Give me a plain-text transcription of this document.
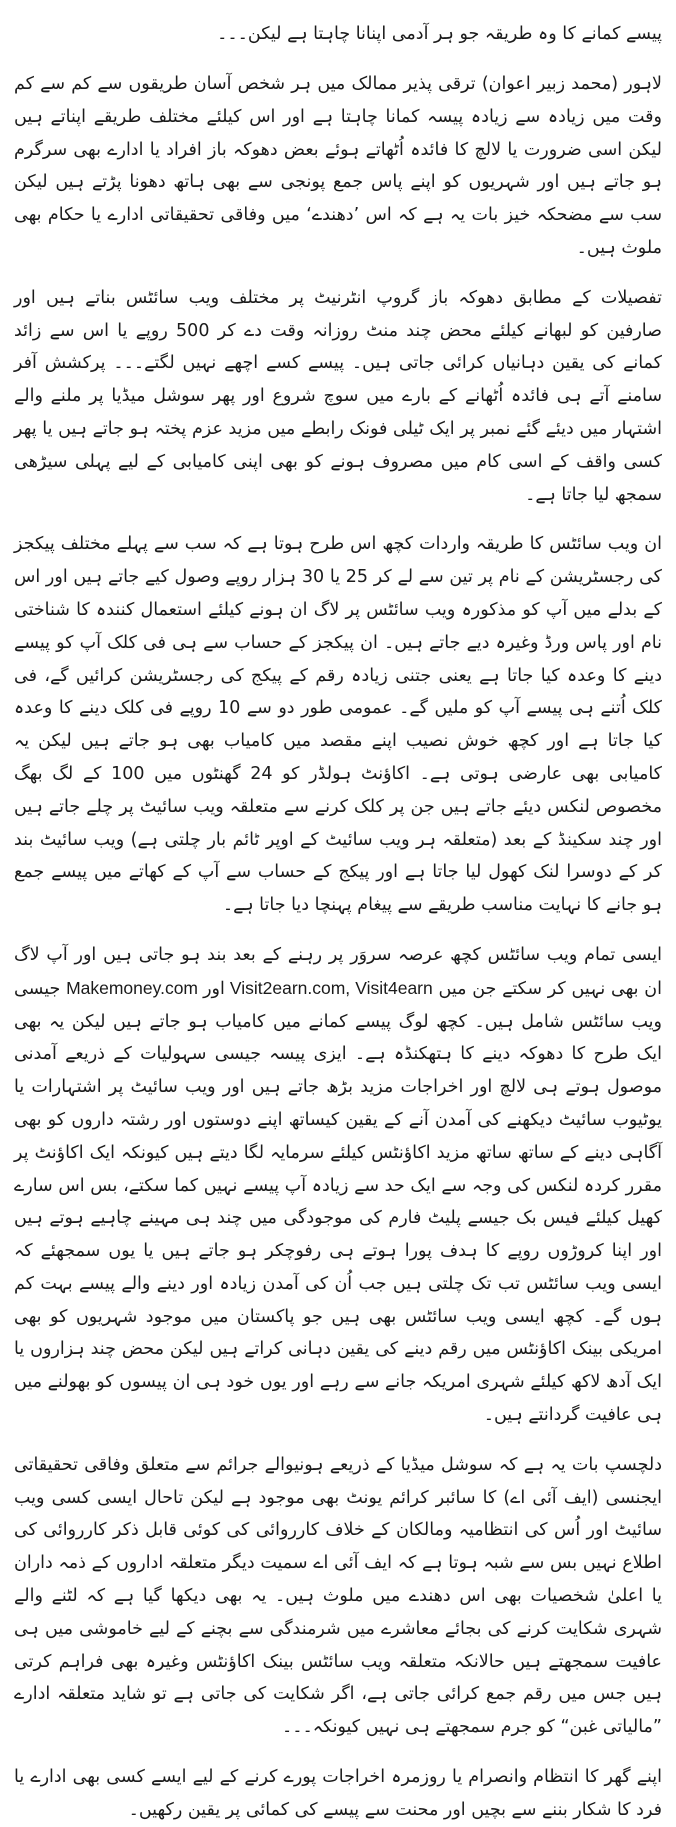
پیسے کمانے کا وہ طریقہ جو ہر آدمی اپنانا چاہتا ہے لیکن۔۔۔

لاہور (محمد زبیر اعوان) ترقی پذیر ممالک میں ہر شخص آسان طریقوں سے کم سے کم وقت میں زیادہ سے زیادہ پیسہ کمانا چاہتا ہے اور اس کیلئے مختلف طریقے اپناتے ہیں لیکن اسی ضرورت یا لالچ کا فائدہ اُٹھاتے ہوئے بعض دھوکہ باز افراد یا ادارے بھی سرگرم ہو جاتے ہیں اور شہریوں کو اپنے پاس جمع پونجی سے بھی ہاتھ دھونا پڑتے ہیں لیکن سب سے مضحکہ خیز بات یہ ہے کہ اس ’دھندے‘ میں وفاقی تحقیقاتی ادارے یا حکام بھی ملوث ہیں۔

تفصیلات کے مطابق دھوکہ باز گروپ انٹرنیٹ پر مختلف ویب سائٹس بناتے ہیں اور صارفین کو لبھانے کیلئے محض چند منٹ روزانہ وقت دے کر 500 روپے یا اس سے زائد کمانے کی یقین دہانیاں کرائی جاتی ہیں۔ پیسے کسے اچھے نہیں لگتے۔۔۔ پرکشش آفر سامنے آتے ہی فائدہ اُٹھانے کے بارے میں سوچ شروع اور پھر سوشل میڈیا پر ملنے والے اشتہار میں دیئے گئے نمبر پر ایک ٹیلی فونک رابطے میں مزید عزم پختہ ہو جاتے ہیں یا پھر کسی واقف کے اسی کام میں مصروف ہونے کو بھی اپنی کامیابی کے لیے پہلی سیڑھی سمجھ لیا جاتا ہے۔

ان ویب سائٹس کا طریقہ واردات کچھ اس طرح ہوتا ہے کہ سب سے پہلے مختلف پیکجز کی رجسٹریشن کے نام پر تین سے لے کر 25 یا 30 ہزار روپے وصول کیے جاتے ہیں اور اس کے بدلے میں آپ کو مذکورہ ویب سائٹس پر لاگ ان ہونے کیلئے استعمال کنندہ کا شناختی نام اور پاس ورڈ وغیرہ دیے جاتے ہیں۔ ان پیکجز کے حساب سے ہی فی کلک آپ کو پیسے دینے کا وعدہ کیا جاتا ہے یعنی جتنی زیادہ رقم کے پیکج کی رجسٹریشن کرائیں گے، فی کلک اُتنے ہی پیسے آپ کو ملیں گے۔ عمومی طور دو سے 10 روپے فی کلک دینے کا وعدہ کیا جاتا ہے اور کچھ خوش نصیب اپنے مقصد میں کامیاب بھی ہو جاتے ہیں لیکن یہ کامیابی بھی عارضی ہوتی ہے۔ اکاؤنٹ ہولڈر کو 24 گھنٹوں میں 100 کے لگ بھگ مخصوص لنکس دیئے جاتے ہیں جن پر کلک کرنے سے متعلقہ ویب سائیٹ پر چلے جاتے ہیں اور چند سکینڈ کے بعد (متعلقہ ہر ویب سائیٹ کے اوپر ٹائم بار چلتی ہے) ویب سائیٹ بند کر کے دوسرا لنک کھول لیا جاتا ہے اور پیکج کے حساب سے آپ کے کھاتے میں پیسے جمع ہو جانے کا نہایت مناسب طریقے سے پیغام پہنچا دیا جاتا ہے۔

ایسی تمام ویب سائٹس کچھ عرصہ سروَر پر رہنے کے بعد بند ہو جاتی ہیں اور آپ لاگ ان بھی نہیں کر سکتے جن میں Makemoney.com اور Visit2earn.com, Visit4earn جیسی ویب سائٹس شامل ہیں۔ کچھ لوگ پیسے کمانے میں کامیاب ہو جاتے ہیں لیکن یہ بھی ایک طرح کا دھوکہ دینے کا ہتھکنڈہ ہے۔ ایزی پیسہ جیسی سہولیات کے ذریعے آمدنی موصول ہوتے ہی لالچ اور اخراجات مزید بڑھ جاتے ہیں اور ویب سائیٹ پر اشتہارات یا یوٹیوب سائیٹ دیکھنے کی آمدن آنے کے یقین کیساتھ اپنے دوستوں اور رشتہ داروں کو بھی آگاہی دینے کے ساتھ ساتھ مزید اکاؤنٹس کیلئے سرمایہ لگا دیتے ہیں کیونکہ ایک اکاؤنٹ پر مقرر کردہ لنکس کی وجہ سے ایک حد سے زیادہ آپ پیسے نہیں کما سکتے، بس اس سارے کھیل کیلئے فیس بک جیسے پلیٹ فارم کی موجودگی میں چند ہی مہینے چاہیے ہوتے ہیں اور اپنا کروڑوں روپے کا ہدف پورا ہوتے ہی رفوچکر ہو جاتے ہیں یا یوں سمجھئے کہ ایسی ویب سائٹس تب تک چلتی ہیں جب اُن کی آمدن زیادہ اور دینے والے پیسے بہت کم ہوں گے۔ کچھ ایسی ویب سائٹس بھی ہیں جو پاکستان میں موجود شہریوں کو بھی امریکی بینک اکاؤنٹس میں رقم دینے کی یقین دہانی کراتے ہیں لیکن محض چند ہزاروں یا ایک آدھ لاکھ کیلئے شہری امریکہ جانے سے رہے اور یوں خود ہی ان پیسوں کو بھولنے میں ہی عافیت گردانتے ہیں۔

دلچسپ بات یہ ہے کہ سوشل میڈیا کے ذریعے ہونیوالے جرائم سے متعلق وفاقی تحقیقاتی ایجنسی (ایف آئی اے) کا سائبر کرائم یونٹ بھی موجود ہے لیکن تاحال ایسی کسی ویب سائیٹ اور اُس کی انتظامیہ ومالکان کے خلاف کارروائی کی کوئی قابل ذکر کارروائی کی اطلاع نہیں بس سے شبہ ہوتا ہے کہ ایف آئی اے سمیت دیگر متعلقہ اداروں کے ذمہ داران یا اعلیٰ شخصیات بھی اس دھندے میں ملوث ہیں۔ یہ بھی دیکھا گیا ہے کہ لٹنے والے شہری شکایت کرنے کی بجائے معاشرے میں شرمندگی سے بچنے کے لیے خاموشی میں ہی عافیت سمجھتے ہیں حالانکہ متعلقہ ویب سائٹس بینک اکاؤنٹس وغیرہ بھی فراہم کرتی ہیں جس میں رقم جمع کرائی جاتی ہے، اگر شکایت کی جاتی ہے تو شاید متعلقہ ادارے ”مالیاتی غبن“ کو جرم سمجھتے ہی نہیں کیونکہ۔۔۔

اپنے گھر کا انتظام وانصرام یا روزمرہ اخراجات پورے کرنے کے لیے ایسے کسی بھی ادارے یا فرد کا شکار بننے سے بچیں اور محنت سے پیسے کی کمائی پر یقین رکھیں۔
